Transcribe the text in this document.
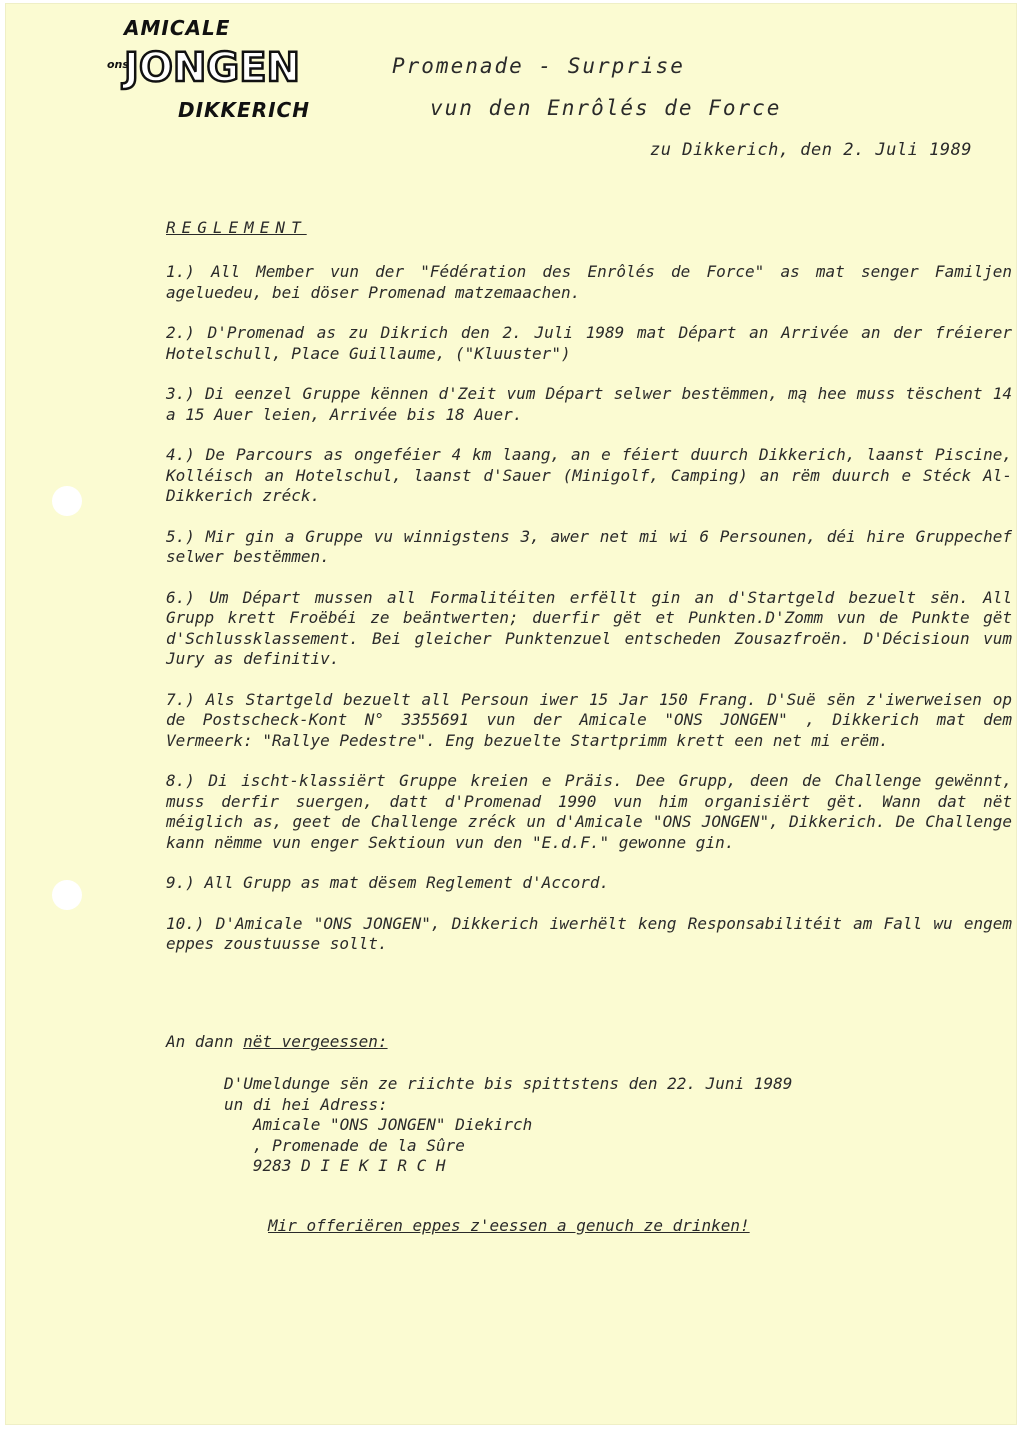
AMICALE
ons
JONGEN
DIKKERICH
Promenade - Surprise
vun den Enrôlés de Force
zu Dikkerich, den 2. Juli 1989
REGLEMENT
1.) All Member vun der "Fédération des Enrôlés de Force" as mat senger Familjen ageluedeu, bei döser Promenad matzemaachen.
2.) D'Promenad as zu Dikrich den 2. Juli 1989 mat Départ an Arrivée an der fréierer Hotelschull, Place Guillaume, ("Kluuster")
3.) Di eenzel Gruppe kënnen d'Zeit vum Départ selwer bestëmmen, mą hee muss tëschent 14 a 15 Auer leien, Arrivée bis 18 Auer.
4.) De Parcours as ongeféier 4 km laang, an e féiert duurch Dikkerich, laanst Piscine, Kolléisch an Hotelschul, laanst d'Sauer (Minigolf, Camping) an rëm duurch e Stéck Al-Dikkerich zréck.
5.) Mir gin a Gruppe vu winnigstens 3, awer net mi wi 6 Persounen, déi hire Gruppechef selwer bestëmmen.
6.) Um Départ mussen all Formalitéiten erfëllt gin an d'Startgeld bezuelt sën. All Grupp krett Froëbéi ze beäntwerten; duerfir gët et Punkten.D'Zomm vun de Punkte gët d'Schlussklassement. Bei gleicher Punktenzuel entscheden Zousazfroën. D'Décisioun vum Jury as definitiv.
7.) Als Startgeld bezuelt all Persoun iwer 15 Jar 150 Frang. D'Suë sën z'iwerweisen op de Postscheck-Kont N° 3355691 vun der Amicale "ONS JONGEN" , Dikkerich mat dem Vermeerk: "Rallye Pedestre". Eng bezuelte Startprimm krett een net mi erëm.
8.) Di ischt-klassiërt Gruppe kreien e Präis. Dee Grupp, deen de Challenge gewënnt, muss derfir suergen, datt d'Promenad 1990 vun him organisiërt gët. Wann dat nët méiglich as, geet de Challenge zréck un d'Amicale "ONS JONGEN", Dikkerich. De Challenge kann nëmme vun enger Sektioun vun den "E.d.F." gewonne gin.
9.) All Grupp as mat dësem Reglement d'Accord.
10.) D'Amicale "ONS JONGEN", Dikkerich iwerhëlt keng Responsabilitéit am Fall wu engem eppes zoustuusse sollt.
An dann nët vergeessen:
D'Umeldunge sën ze riichte bis spittstens den 22. Juni 1989
un di hei Adress:
Amicale "ONS JONGEN" Diekirch
, Promenade de la Sûre
9283 D I E K I R C H
Mir offeriëren eppes z'eessen a genuch ze drinken!
